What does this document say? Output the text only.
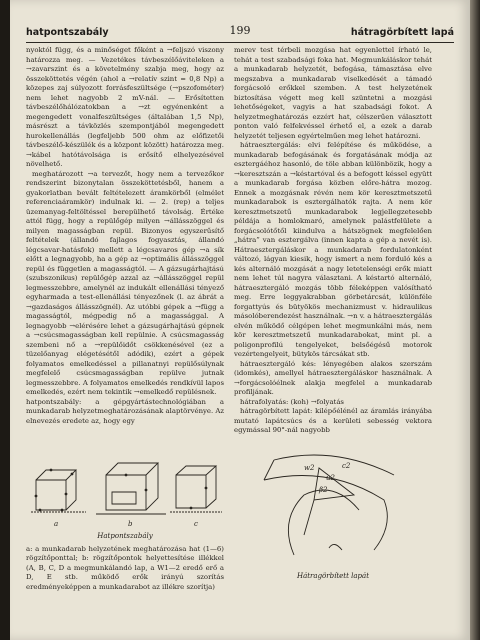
hatpontszabály	199	hátragörbített lapá

nyoktól függ, és a minőséget főként a →feljszó viszony határozza meg. — Vezetékes távbeszélőáviteleken a →zavarszint és a követelmény szabja meg, hogy az összeköttetés végén (ahol a →relatív szint = 0,8 Np) a közepes zaj súlyozott forrásfeszültsége (→pszofométer) nem lehet nagyobb 2 mV-nál. — Erősítetten távbeszélőhálózatokban a →zt egyénenként a megengedett vonalfeszültséges (általában 1,5 Np), másrészt a távközlés szempontjából megengedett hurokellenállás (legfeljebb 500 ohm az előfizetői távbeszélő-készülék és a központ között) határozza meg. →kábel hatótávolsága is erősítő elhelyezésével növelhető.

meghatározott →a tervezőt, hogy nem a tervezőkor rendszerint bizonytalan összeköttetésből, hanem a gyakorlatban bevált feltételezett áramkörből (elmélet referenciaáramkör) indulnak ki. — 2. (rep) a teljes üzemanyag-feltöltéssel berepülhető távolság. Értéke attól függ, hogy a repülőgép milyen →állásszöggel és milyen magasságban repül. Bizonyos egyszerűsítő feltételek (állandó fajlagos fogyasztás, állandó légcsavar-hatásfok) mellett a légcsavaros gép →a sík előtt a legnagyobb, ha a gép az →optimális állásszöggel repül és független a magasságtól. — A gázsugárhajtású (szubszonikus) repülőgép azzal az →állásszöggel repül legmesszebbre, amelynél az indukált ellenállási tényező egyharmada a test-ellenállási tényezőnek (l. az ábrát a →gazdaságos állásszögnél). Az utóbbi gépek a →függ a magasságtól, mégpedig nő a magassággal. A legnagyobb →elérésére lehet a gázsugárhajtású gépnek a →csúcsmagasságban kell repülnie. A csúcsmagasság szembeni nő a →repülőidőt csökkenésével (ez a tüzelőanyag elégetésétől adódik), ezért a gépek folyamatos emelkedéssel a pillanatnyi repülősúlynak megfelelő csúcsmagasságban repülve jutnak legmesszebbre. A folyamatos emelkedés rendkívül lapos emelkedés, ezért nem tekintik →emelkedő repülésnek.

hatpontszabály: a gépgyártástechnológiában a munkadarab helyzetmeghatározásának alaptörvénye. Az elnevezés eredete az, hogy egy

a	b	c
Hatpontszabály

a: a munkadarab helyzetének meghatározása hat (1—6) rögzítőponttal; b: rögzítőpontok helyettesítése illékkel (A, B, C, D a megmunkálandó lap, a W1—2 eredő erő a D, E stb. működő erők irányú szorítás eredményeképpen a munkadarabot az illékre szorítja)

merev test térbeli mozgása hat egyenlettel írható le, tehát a test szabadsági foka hat. Megmunkáláskor tehát a munkadarab helyzetét, befogása, támasztása elve megszabva a munkadarab viselkedését a támadó forgácsoló erőkkel szemben. A test helyzetének biztosítása végett meg kell szüntetni a mozgási lehetőségeket, vagyis a hat szabadsági fokot. A helyzetmeghatározás ezzért hat, célszerűen választott ponton való felfekvéssel érhető el, a ezek a darab helyzetét teljesen egyértelműen meg lehet határozni.

hátraesztergálás: elvi felépítése és működése, a munkadarab befogásának és forgatásának módja az esztergáéhoz hasonló, de töle abban különbözik, hogy a →keresztszán a →késtartóval és a befogott késsel együtt a munkadarab forgása közben előre-hátra mozog. Ennek a mozgásnak révén nem kör keresztmetszetű munkadarabok is esztergálhatók rajta. A nem kör keresztmetszetű munkadarabok legjellegzetesebb példája a homlokmaró, amelynek palástfelülete a forgácsolótőtől kiindulva a hátszögnek megfelelően „hátra” van esztergálva (innen kapta a gép a nevét is). Hátraesztergáláskor a munkadarab fordulatonként változó, lágyan kiesik, hogy ismert a nem forduló kés a kés alternáló mozgását a nagy letetelenségi erők miatt nem lehet túl nagyra választani. A késtartó alternáló, hátraesztergáló mozgás több féleképpen valósítható meg. Erre leggyakrabban görbetárcsát, különféle forgattyús és bütyökös mechanizmust v. hidraulikus másolóberendezést használnak. →n v. a hátraesztergálás elvén működő célgépen lehet megmunkálni más, nem kör keresztmetszetű munkadarabokat, mint pl. a poligonprofilú tengelyeket, belsőégésű motorok vezértengelyeit, bütykös tárcsákat stb.

hátraesztergáló kés: lényegében alakos szerszám (idomkés), amellyel hátraesztergáláskor használnak. A →forgácsolóélnek alakja megfelel a munkadarab profiljának.

hátrafolyatás: (koh) →folyatás

hátragörbített lapát: kilépőélénél az áramlás irányába mutató lapátcsúcs és a kerületi sebesség vektora egymással 90°-nál nagyobb

w2	c2
u2
β2
Hátragörbített lapát
